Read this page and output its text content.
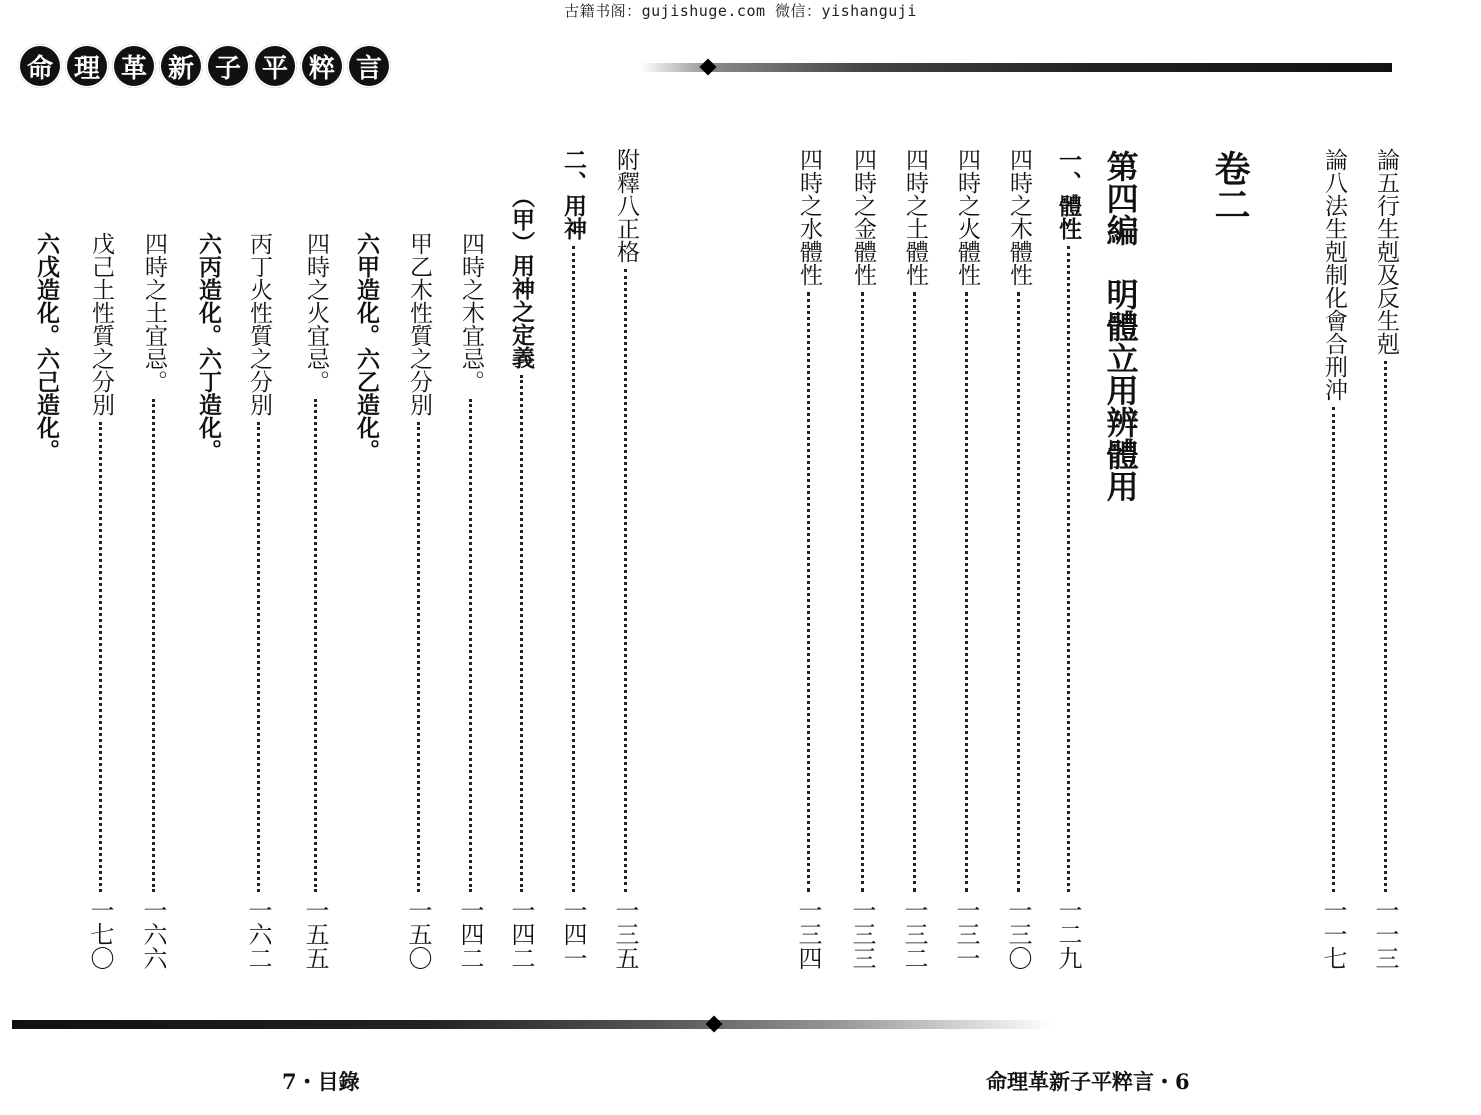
古籍书阁：gujishuge.com 微信：yishanguji
命 理 革 新 子 平 粹 言
卷二
第四編　明體立用辨體用	論五行生剋及反生剋
一一三
論八法生剋制化會合刑沖
一一七
一、體性
一二九
四時之木體性
一三〇
四時之火體性
一三一
四時之土體性
一三二
四時之金體性
一三三
四時之水體性
一三四
附釋八正格
一三五
二、用神
一四一
（甲）用神之定義
一四二
四時之木宜忌。
一四二
甲乙木性質之分別
一五〇
六甲造化。六乙造化。
四時之火宜忌。
一五五
丙丁火性質之分別
一六二
六丙造化。六丁造化。
四時之土宜忌。
一六六
戊己土性質之分別
一七〇
六戊造化。六己造化。
7・目錄	命理革新子平粹言・6
